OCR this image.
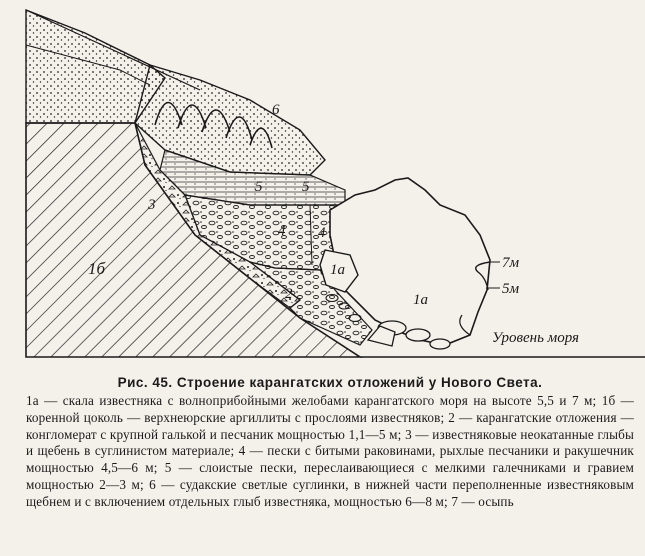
6
5	5
4 4
3
2
1а
1а
1б	7м
5м
Уровень моря

Рис. 45. Строение карангатских отложений у Нового Света.

1а — скала известняка с волноприбойными желобами карангатского моря на высоте 5,5 и 7 м; 1б — коренной цоколь — верхнеюрские аргиллиты с прослоями известняков; 2 — карангатские отложения — конгломерат с крупной галькой и песчаник мощностью 1,1—5 м; 3 — известняковые неокатанные глыбы и щебень в суглинистом материале; 4 — пески с битыми раковинами, рыхлые песчаники и ракушечник мощностью 4,5—6 м; 5 — слоистые пески, переслаивающиеся с мелкими галечниками и гравием мощностью 2—3 м; 6 — судакские светлые суглинки, в нижней части переполненные известняковым щебнем и с включением отдельных глыб известняка, мощностью 6—8 м; 7 — осыпь
